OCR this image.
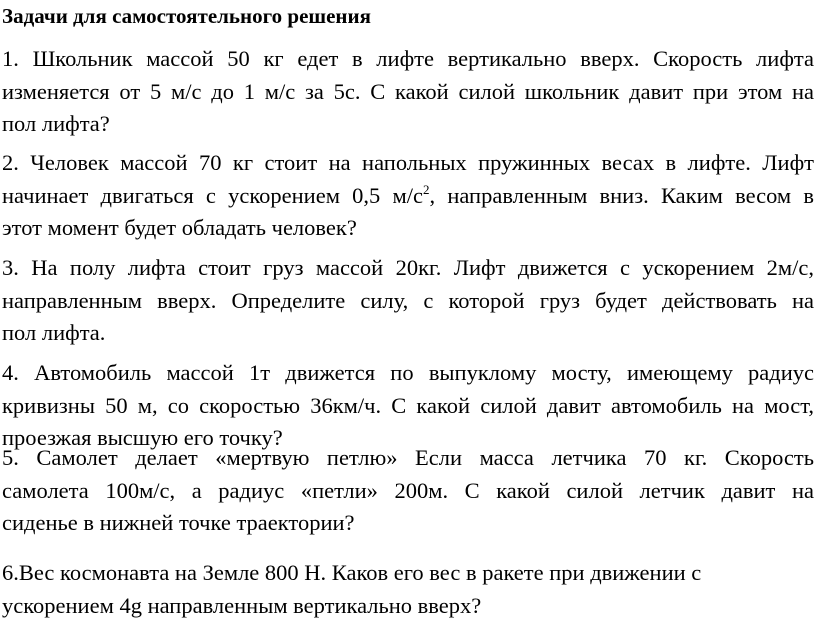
Задачи для самостоятельного решения
1. Школьник массой 50 кг едет в лифте вертикально вверх. Скорость лифта
изменяется от 5 м/с до 1 м/с за 5с. С какой силой школьник давит при этом на
пол лифта?
2. Человек массой 70 кг стоит на напольных пружинных весах в лифте. Лифт
начинает двигаться с ускорением 0,5 $м/с^2$, направленным вниз. Каким весом в
этот момент будет обладать человек?
3. На полу лифта стоит груз массой 20кг. Лифт движется с ускорением 2м/с,
направленным вверх. Определите силу, с которой груз будет действовать на
пол лифта.
4. Автомобиль массой 1т движется по выпуклому мосту, имеющему радиус
кривизны 50 м, со скоростью 36км/ч. С какой силой давит автомобиль на мост,
проезжая высшую его точку?
5. Самолет делает «мертвую петлю» Если масса летчика 70 кг. Скорость
самолета 100м/с, а радиус «петли» 200м. С какой силой летчик давит на
сиденье в нижней точке траектории?
6.Вес космонавта на Земле 800 Н. Каков его вес в ракете при движении с
ускорением 4g направленным вертикально вверх?
